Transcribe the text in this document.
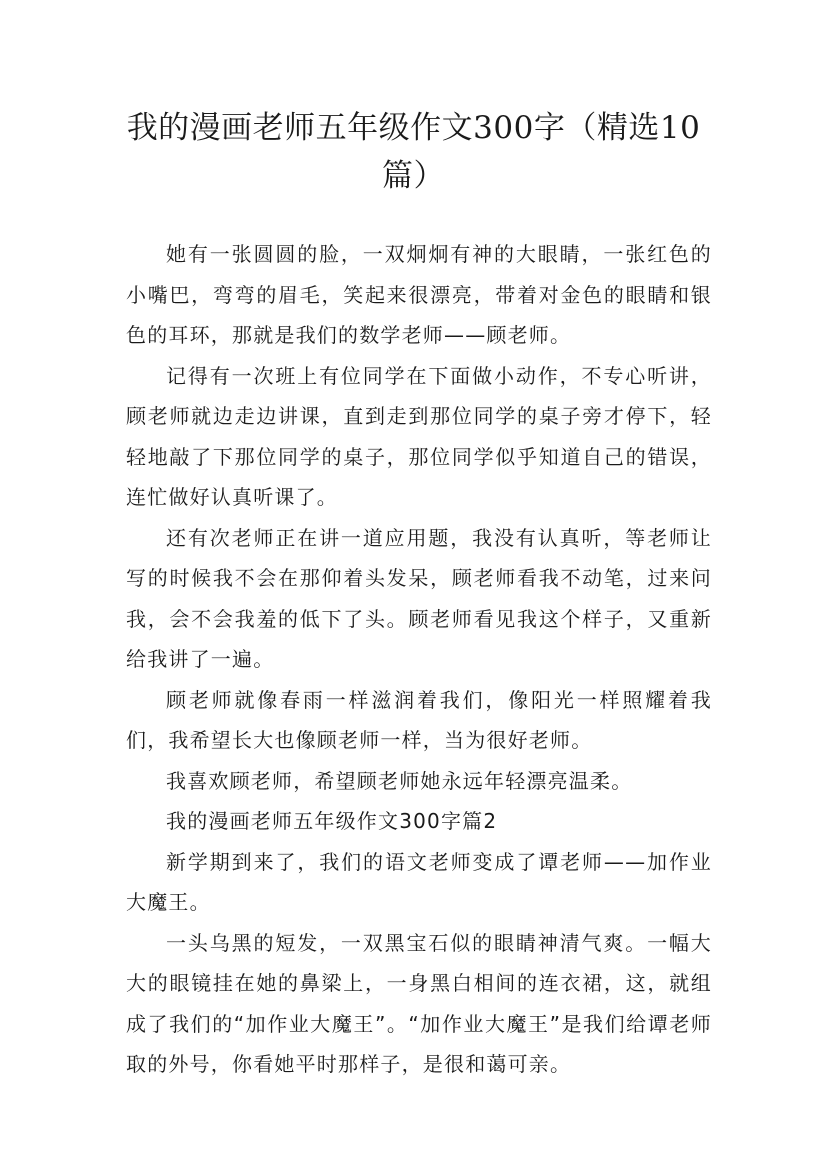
我的漫画老师五年级作文300字（精选10篇）

她有一张圆圆的脸，一双炯炯有神的大眼睛，一张红色的小嘴巴，弯弯的眉毛，笑起来很漂亮，带着对金色的眼睛和银色的耳环，那就是我们的数学老师——顾老师。

记得有一次班上有位同学在下面做小动作，不专心听讲，顾老师就边走边讲课，直到走到那位同学的桌子旁才停下，轻轻地敲了下那位同学的桌子，那位同学似乎知道自己的错误，连忙做好认真听课了。

还有次老师正在讲一道应用题，我没有认真听，等老师让写的时候我不会在那仰着头发呆，顾老师看我不动笔，过来问我，会不会我羞的低下了头。顾老师看见我这个样子，又重新给我讲了一遍。

顾老师就像春雨一样滋润着我们，像阳光一样照耀着我们，我希望长大也像顾老师一样，当为很好老师。

我喜欢顾老师，希望顾老师她永远年轻漂亮温柔。

我的漫画老师五年级作文300字篇2

新学期到来了，我们的语文老师变成了谭老师——加作业大魔王。

一头乌黑的短发，一双黑宝石似的眼睛神清气爽。一幅大大的眼镜挂在她的鼻梁上，一身黑白相间的连衣裙，这，就组成了我们的“加作业大魔王”。“加作业大魔王”是我们给谭老师取的外号，你看她平时那样子，是很和蔼可亲。
